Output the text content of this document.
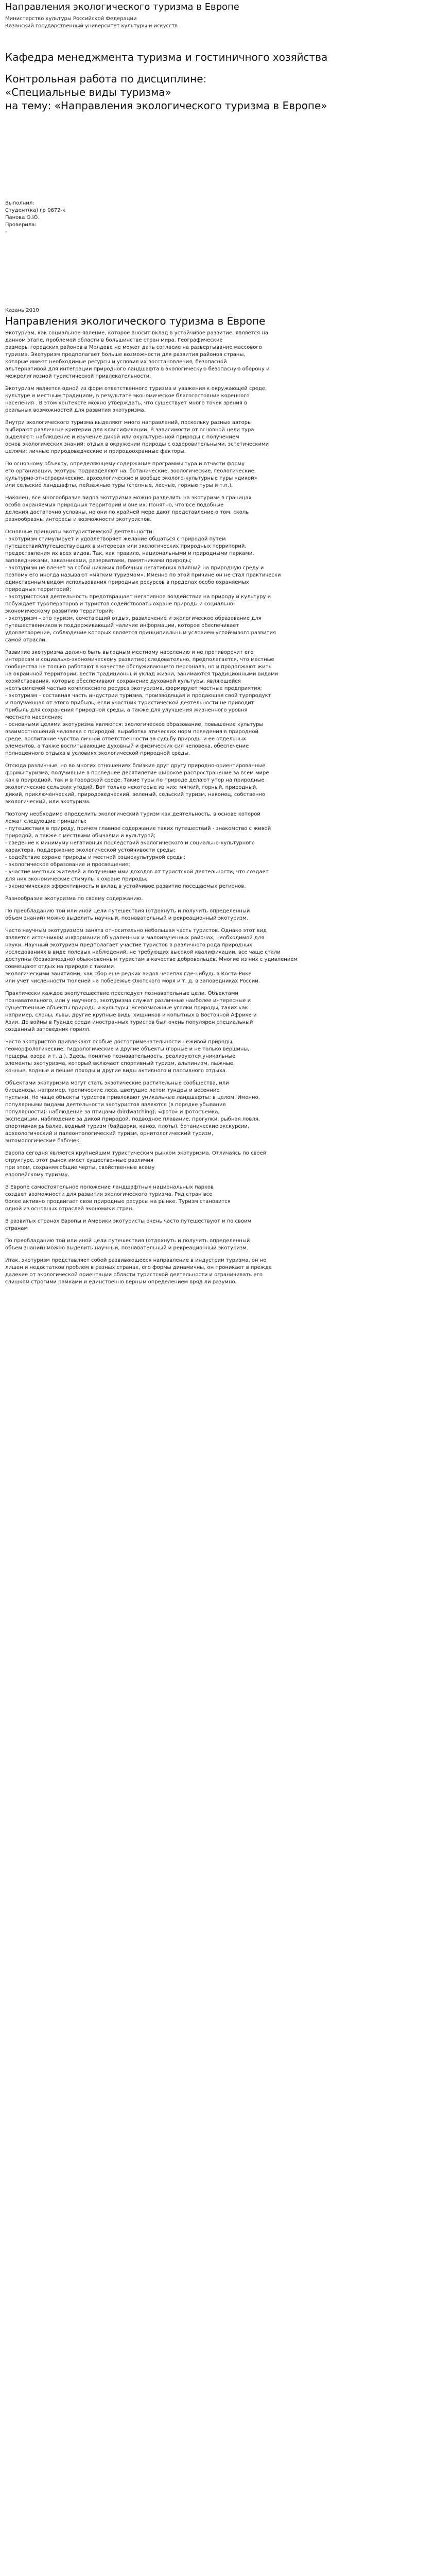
Направления экологического туризма в Европе
Министерство культуры Российской Федерации
Казанский государственный университет культуры и искусств
Кафедра менеджмента туризма и гостиничного хозяйства
Контрольная работа по дисциплине:
«Специальные виды туризма»
на тему: «Направления экологического туризма в Европе»
Выполнил:
Студент(ка) гр 0672-к
Панова О.Ю.
Проверила:
-
Казань 2010
Направления экологического туризма в Европе
Экотуризм, как социальное явление, которое вносит вклад в устойчивое развитие, является на
данном этапе, проблемой области в большинстве стран мира. Географические
размеры городских районов в Молдове не может дать согласие на развертывание массового
туризма. Экотуризм предполагает больше возможности для развития районов страны,
которые имеют необходимые ресурсы и условия их восстановления, безопасной
альтернативой для интеграции природного ландшафта в экологическую безопасную оборону и
межрелигиозной туристической привлекательности.
Экотуризм является одной из форм ответственного туризма и уважения к окружающей среде,
культуре и местным традициям, в результате экономическое благосостояние коренного
населения . В этом контексте можно утверждать, что существует много точек зрения в
реальных возможностей для развития экотуризма.
Внутри экологического туризма выделяют много направлений, поскольку разные авторы
выбирают различные критерии для классификации. В зависимости от основной цели тура
выделяют: наблюдение и изучение дикой или окультуренной природы с получением
основ экологических знаний; отдых в окружении природы с оздоровительными, эстетическими
целями; личные природоведческие и природоохранные факторы.
По основному объекту, определяющему содержание программы тура и отчасти форму
его организации, экотуры подразделяют на: ботанические, зоологические, геологические,
культурно-этнографические, археологические и вообще эколого-культурные туры «дикой»
или сельские ландшафты, пейзажные туры (степные, лесные, горные туры и т.п.).
Наконец, все многообразие видов экотуризма можно разделить на экотуризм в границах
особо охраняемых природных территорий и вне их. Понятно, что все подобные
деления достаточно условны, но они по крайней мере дают представление о том, сколь
разнообразны интересы и возможности экотуристов.
Основные принципы экотуристической деятельности:
- экотуризм стимулирует и удовлетворяет желание общаться с природой путем
путешествий/путешествующих в интересах или экологических природных территорий,
предоставления их всех видов. Так, как правило, национальными и природными парками,
заповедниками, заказниками, резерватами, памятниками природы;
- экотуризм не влечет за собой никаких побочных негативных влияний на природную среду и
поэтому его иногда называют «мягким туризмом». Именно по этой причине он не стал практически
единственным видом использования природных ресурсов в пределах особо охраняемых
природных территорий;
- экотуристская деятельность предотвращает негативное воздействие на природу и культуру и
побуждает туроператоров и туристов содействовать охране природы и социально-
экономическому развитию территорий;
- экотуризм – это туризм, сочетающий отдых, развлечение и экологическое образование для
путешественников и поддерживающий наличие информации, которое обеспечивает
удовлетворение, соблюдение которых является принципиальным условием устойчивого развития
самой отрасли.
Развитие экотуризма должно быть выгодным местному населению и не противоречит его
интересам и социально-экономическому развитию; следовательно, предполагается, что местные
сообщества не только работают в качестве обслуживающего персонала, но и продолжают жить
на окраинной территории, вести традиционный уклад жизни, занимаются традиционными видами
хозяйствования, которые обеспечивают сохранение духовной культуры, являющейся
неотъемлемой частью комплексного ресурса экотуризма, формируют местные предприятия;
- экотуризм – составная часть индустрии туризма, производящая и продающая свой турпродукт
и получающая от этого прибыль, если участник туристической деятельности не приводит
прибыль для сохранения природной среды, а также для улучшения жизненного уровня
местного населения;
- основными целями экотуризма являются: экологическое образование, повышение культуры
взаимоотношений человека с природой, выработка этических норм поведения в природной
среде, воспитание чувства личной ответственности за судьбу природы и ее отдельных
элементов, а также воспитывающие духовный и физических сил человека, обеспечение
полноценного отдыха в условиях экологической природной среды.
Отсюда различные, но во многих отношениях близкие друг другу природно-ориентированные
формы туризма, получившие в последнее десятилетие широкое распространение за всем мире
как в природной, так и в городской среде. Такие туры по природе делают упор на природные
экологические сельских угодий. Вот только некоторые из них: мягкий, горный, природный,
дикий, приключенческий, природоведческий, зеленый, сельский туризм, наконец, собственно
экологический, или экотуризм.
Поэтому необходимо определить экологический туризм как деятельность, в основе которой
лежат следующие принципы:
- путешествия в природу, причем главное содержание таких путешествий - знакомство с живой
природой, а также с местными обычаями и культурой;
- сведение к минимуму негативных последствий экологического и социально-культурного
характера, поддержание экологической устойчивости среды;
- содействие охране природы и местной социокультурной среды;
- экологическое образование и просвещение;
- участие местных жителей и получение ими доходов от туристской деятельности, что создает
для них экономические стимулы к охране природы;
- экономическая эффективность и вклад в устойчивое развитие посещаемых регионов.
Разнообразие экотуризма по своему содержанию.
По преобладанию той или иной цели путешествия (отдохнуть и получить определенный
объем знаний) можно выделить научный, познавательный и рекреационный экотуризм.
Часто научным экотуризмом занята относительно небольшая часть туристов. Однако этот вид
является источником информации об удаленных и малоизученных районах, необходимой для
науки. Научный экотуризм предполагает участие туристов в различного рода природных
исследованиях в виде полевых наблюдений, не требующих высокой квалификации, все чаще стали
доступны (безвозмездно) обыкновенным туристам в качестве добровольцев. Многие из них с удивлением
совмещают отдых на природе с такими
экологическими занятиями, как сбор еще редких видов черепах где-нибудь в Коста-Рике
или учет численности тюленей на побережье Охотского моря и т. д. в заповедниках России.
Практически каждое экопутешествие преследует познавательные цели. Объектами
познавательного, или у научного, экотуризма служат различные наиболее интересные и
существенные объекты природы и культуры. Всевозможные уголки природы, таких как
например, слоны, львы, другие крупные виды хищников и копытных в Восточной Африке и
Азии. До войны в Руанде среди иностранных туристов был очень популярен специальный
созданный заповедник горилл.
Часто экотуристов привлекают особые достопримечательности неживой природы,
геоморфологические, гидрологические и другие объекты (горные и не только вершины,
пещеры, озера и т. д.). Здесь, понятно познавательность, реализуются уникальные
элементы экотуризма, который включает спортивный туризм, альпинизм, лыжные,
конные, водные и пешие походы и другие виды активного и пассивного отдыха.
Объектами экотуризма могут стать экзотические растительные сообщества, или
биоценозы, например, тропические леса, цветущие летом тундры и весенние
пустыни. Но чаще объекты туристов привлекают уникальные ландшафты: в целом. Именно,
популярными видами деятельности экотуристов являются (в порядке убывания
популярности): наблюдение за птицами (birdwatching); «фото» и фотосъемка,
экспедиции, наблюдение за дикой природой, подводное плавание, прогулки, рыбная ловля,
спортивная рыбалка, водный туризм (байдарки, каноэ, плоты), ботанические экскурсии,
археологический и палеонтологический туризм, орнитологический туризм,
энтомологические бабочек.
Европа сегодня является крупнейшим туристическим рынком экотуризма. Отличаясь по своей
структуре, этот рынок имеет существенные различия
при этом, сохраняя общие черты, свойственные всему
европейскому туризму.
В Европе самостоятельное положение ландшафтных национальных парков
создает возможности для развития экологического туризма. Ряд стран все
более активно продвигает свои природные ресурсы на рынке. Туризм становится
одной из основных отраслей экономики стран.
В развитых странах Европы и Америки экотуристы очень часто путешествуют и по своим
странам
По преобладанию той или иной цели путешествия (отдохнуть и получить определенный
объем знаний) можно выделить научный, познавательный и рекреационный экотуризм.
Итак, экотуризм представляет собой развивающееся направление в индустрии туризма, он не
лишен и недостатков проблем в разных странах, его формы динамичны, он проникает в прежде
далекие от экологической ориентации области туристской деятельности и ограничивать его
слишком строгими рамками и единственно верным определением вряд ли разумно.
